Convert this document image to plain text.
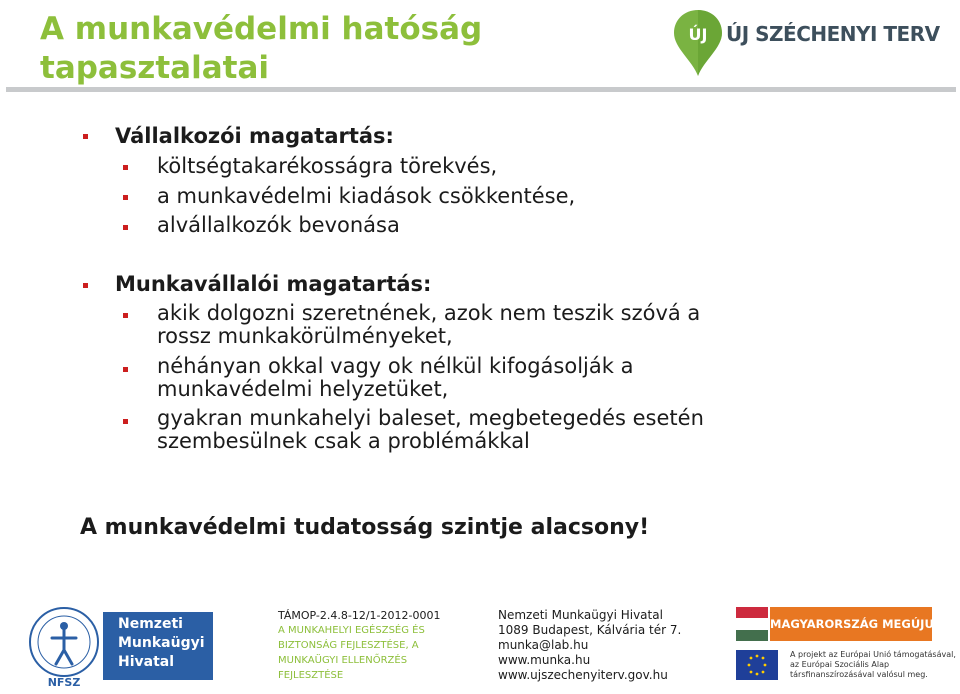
A munkavédelmi hatóság
tapasztalatai
ÚJ ÚJ SZÉCHENYI TERV
Vállalkozói magatartás:
költségtakarékosságra törekvés,
a munkavédelmi kiadások csökkentése,
alvállalkozók bevonása
Munkavállalói magatartás:
akik dolgozni szeretnének, azok nem teszik szóvá a
rossz munkakörülményeket,
néhányan okkal vagy ok nélkül kifogásolják a
munkavédelmi helyzetüket,
gyakran munkahelyi baleset, megbetegedés esetén
szembesülnek csak a problémákkal
A munkavédelmi tudatosság szintje alacsony!
NFSZ
Nemzeti
Munkaügyi
Hivatal
TÁMOP-2.4.8-12/1-2012-0001
A MUNKAHELYI EGÉSZSÉG ÉS
BIZTONSÁG FEJLESZTÉSE, A
MUNKAÜGYI ELLENŐRZÉS
FEJLESZTÉSE
Nemzeti Munkaügyi Hivatal
1089 Budapest, Kálvária tér 7.
munka@lab.hu
www.munka.hu
www.ujszechenyiterv.gov.hu
MAGYARORSZÁG MEGÚJUL
A projekt az Európai Unió támogatásával,
az Európai Szociális Alap
társfinanszírozásával valósul meg.
